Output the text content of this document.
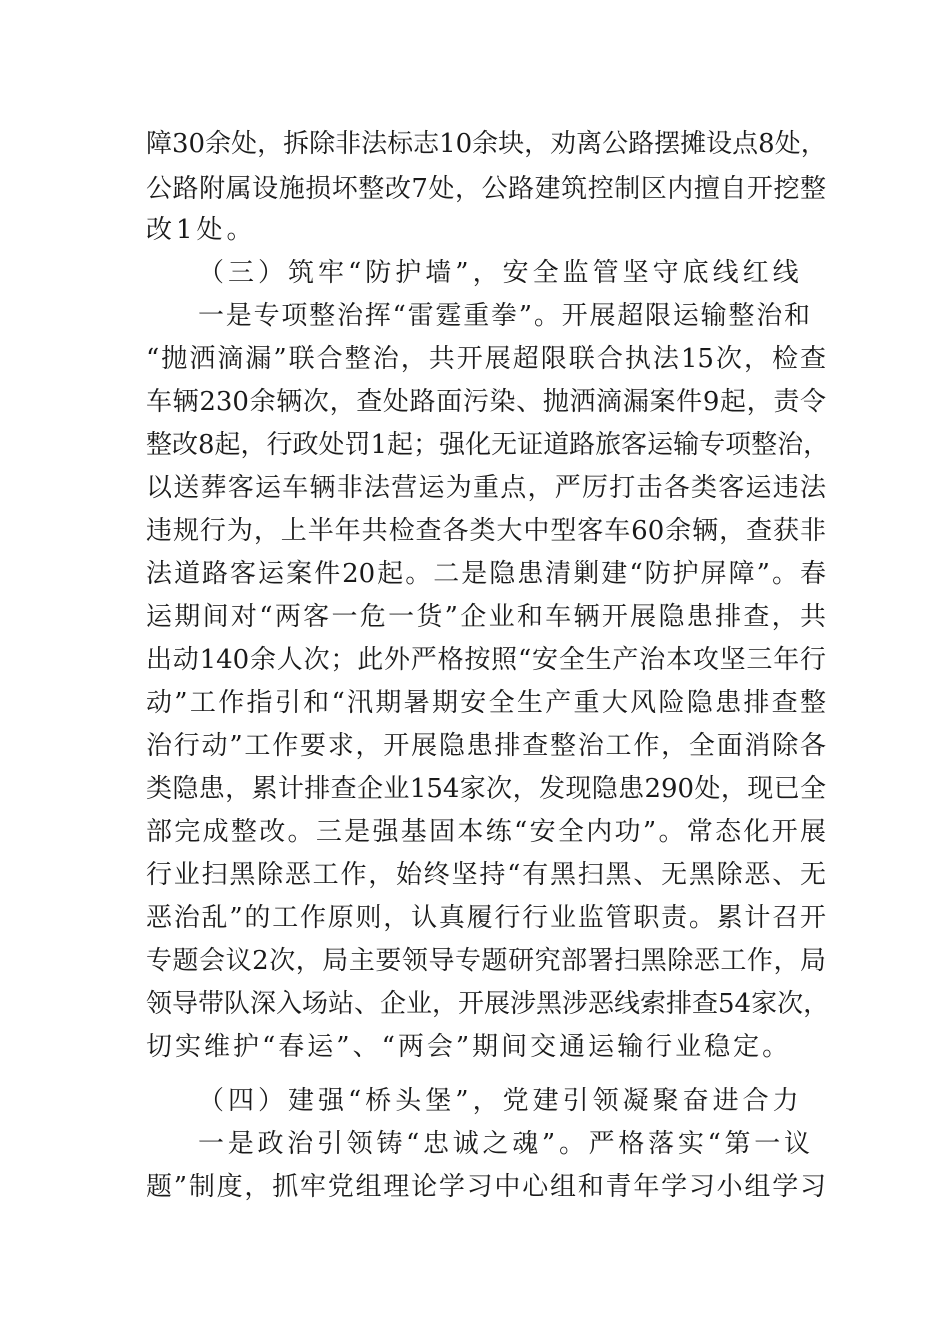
障30余处，拆除非法标志10余块，劝离公路摆摊设点8处，
公路附属设施损坏整改7处，公路建筑控制区内擅自开挖整
改1处。
（三）筑牢“防护墙”，安全监管坚守底线红线
一是专项整治挥“雷霆重拳”。开展超限运输整治和
“抛洒滴漏”联合整治，共开展超限联合执法15次，检查
车辆230余辆次，查处路面污染、抛洒滴漏案件9起，责令
整改8起，行政处罚1起；强化无证道路旅客运输专项整治，
以送葬客运车辆非法营运为重点，严厉打击各类客运违法
违规行为，上半年共检查各类大中型客车60余辆，查获非
法道路客运案件20起。二是隐患清剿建“防护屏障”。春
运期间对“两客一危一货”企业和车辆开展隐患排查，共
出动140余人次；此外严格按照“安全生产治本攻坚三年行
动”工作指引和“汛期暑期安全生产重大风险隐患排查整
治行动”工作要求，开展隐患排查整治工作，全面消除各
类隐患，累计排查企业154家次，发现隐患290处，现已全
部完成整改。三是强基固本练“安全内功”。常态化开展
行业扫黑除恶工作，始终坚持“有黑扫黑、无黑除恶、无
恶治乱”的工作原则，认真履行行业监管职责。累计召开
专题会议2次，局主要领导专题研究部署扫黑除恶工作，局
领导带队深入场站、企业，开展涉黑涉恶线索排查54家次，
切实维护“春运”、“两会”期间交通运输行业稳定。
（四）建强“桥头堡”，党建引领凝聚奋进合力
一是政治引领铸“忠诚之魂”。严格落实“第一议
题”制度，抓牢党组理论学习中心组和青年学习小组学习
